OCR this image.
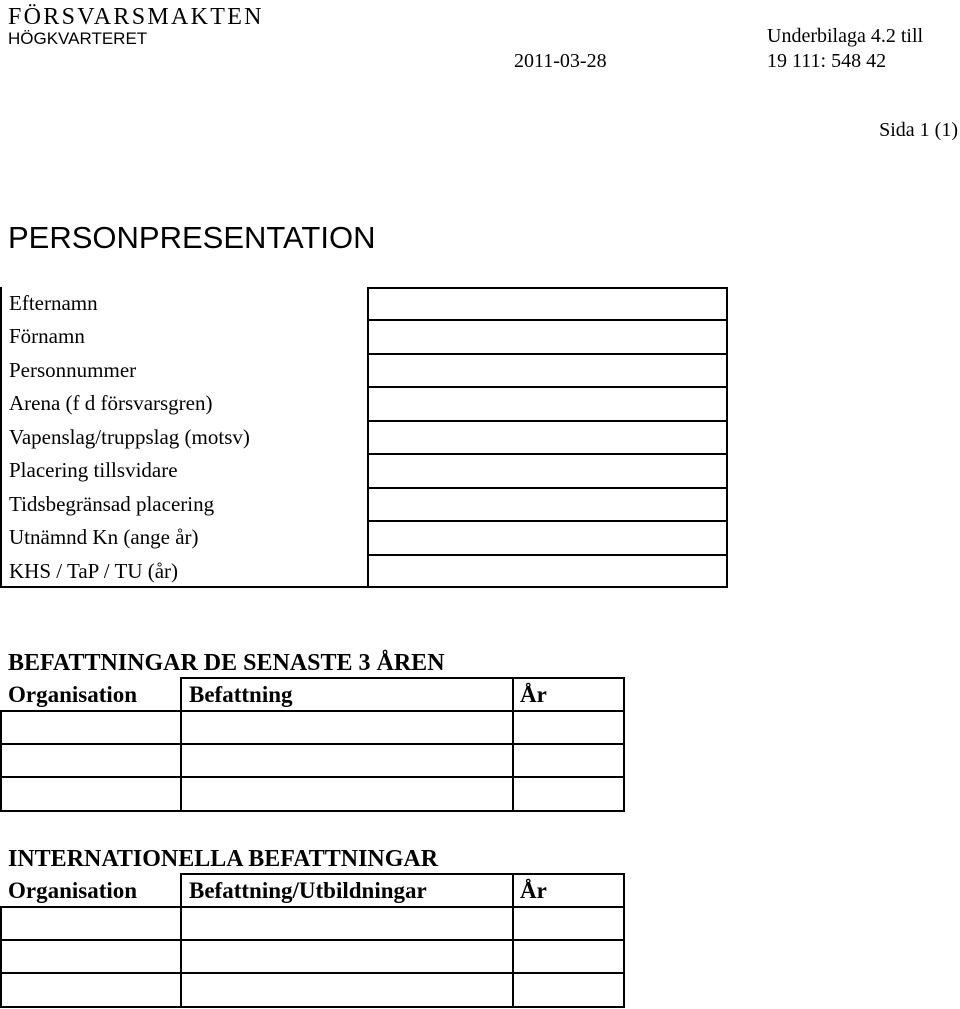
FÖRSVARSMAKTEN
HÖGKVARTERET
2011-03-28
Underbilaga 4.2 till
19 111: 548 42
Sida 1 (1)
PERSONPRESENTATION
Efternamn
Förnamn
Personnummer
Arena (f d försvarsgren)
Vapenslag/truppslag (motsv)
Placering tillsvidare
Tidsbegränsad placering
Utnämnd Kn (ange år)
KHS / TaP / TU (år)
BEFATTNINGAR DE SENASTE 3 ÅREN
Organisation Befattning	År
INTERNATIONELLA BEFATTNINGAR
Organisation Befattning/Utbildningar	År
